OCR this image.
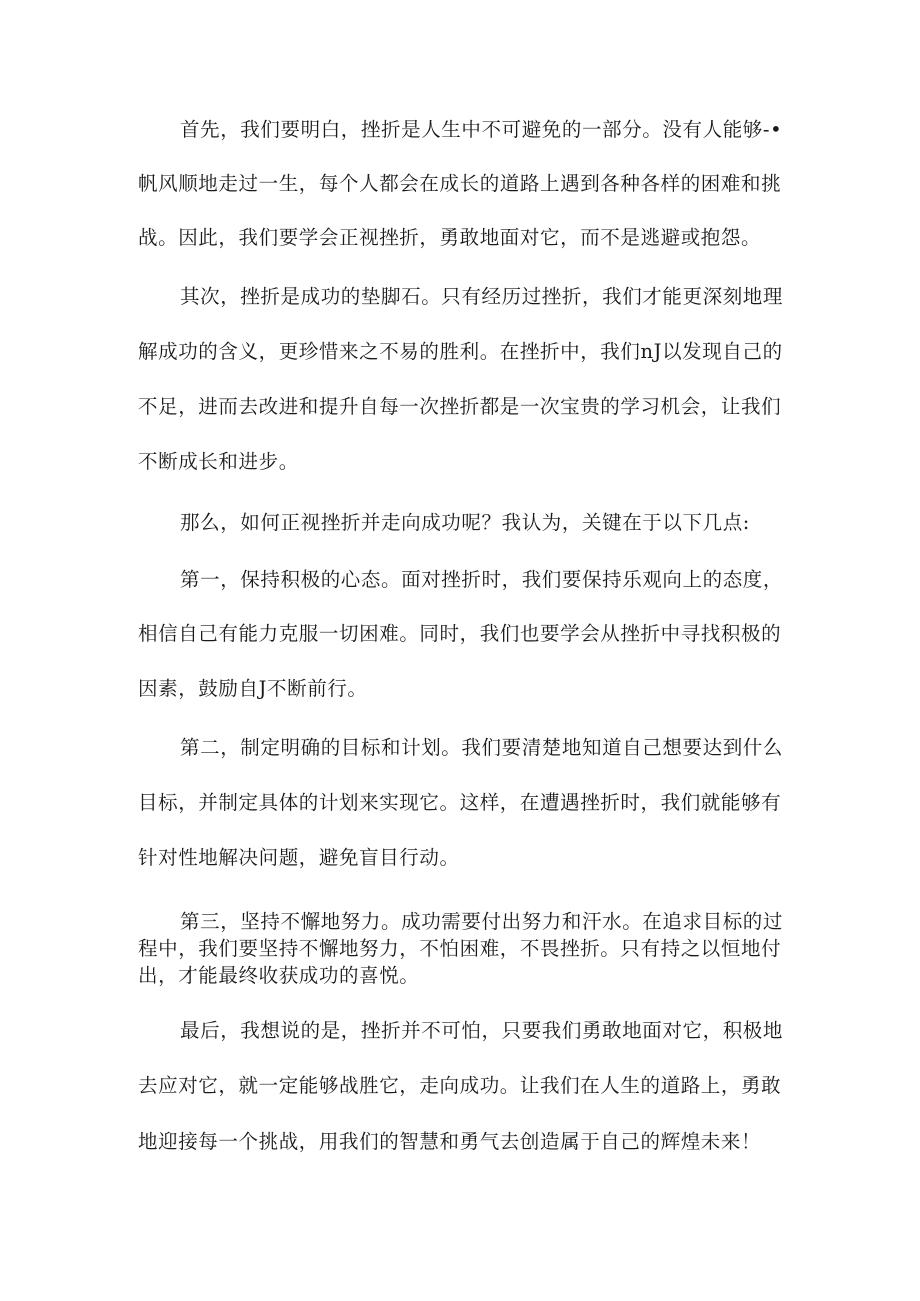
首先，我们要明白，挫折是人生中不可避免的一部分。没有人能够-•
帆风顺地走过一生，每个人都会在成长的道路上遇到各种各样的困难和挑
战。因此，我们要学会正视挫折，勇敢地面对它，而不是逃避或抱怨。
其次，挫折是成功的垫脚石。只有经历过挫折，我们才能更深刻地理
解成功的含义，更珍惜来之不易的胜利。在挫折中，我们nJ以发现自己的
不足，进而去改进和提升自每一次挫折都是一次宝贵的学习机会，让我们
不断成长和进步。
那么，如何正视挫折并走向成功呢？我认为，关键在于以下几点:
第一，保持积极的心态。面对挫折时，我们要保持乐观向上的态度，
相信自己有能力克服一切困难。同时，我们也要学会从挫折中寻找积极的
因素，鼓励自J不断前行。
第二，制定明确的目标和计划。我们要清楚地知道自己想要达到什么
目标，并制定具体的计划来实现它。这样，在遭遇挫折时，我们就能够有
针对性地解决问题，避免盲目行动。
第三，坚持不懈地努力。成功需要付出努力和汗水。在追求目标的过
程中，我们要坚持不懈地努力，不怕困难，不畏挫折。只有持之以恒地付
出，才能最终收获成功的喜悦。
最后，我想说的是，挫折并不可怕，只要我们勇敢地面对它，积极地
去应对它，就一定能够战胜它，走向成功。让我们在人生的道路上，勇敢
地迎接每一个挑战，用我们的智慧和勇气去创造属于自己的辉煌未来！
